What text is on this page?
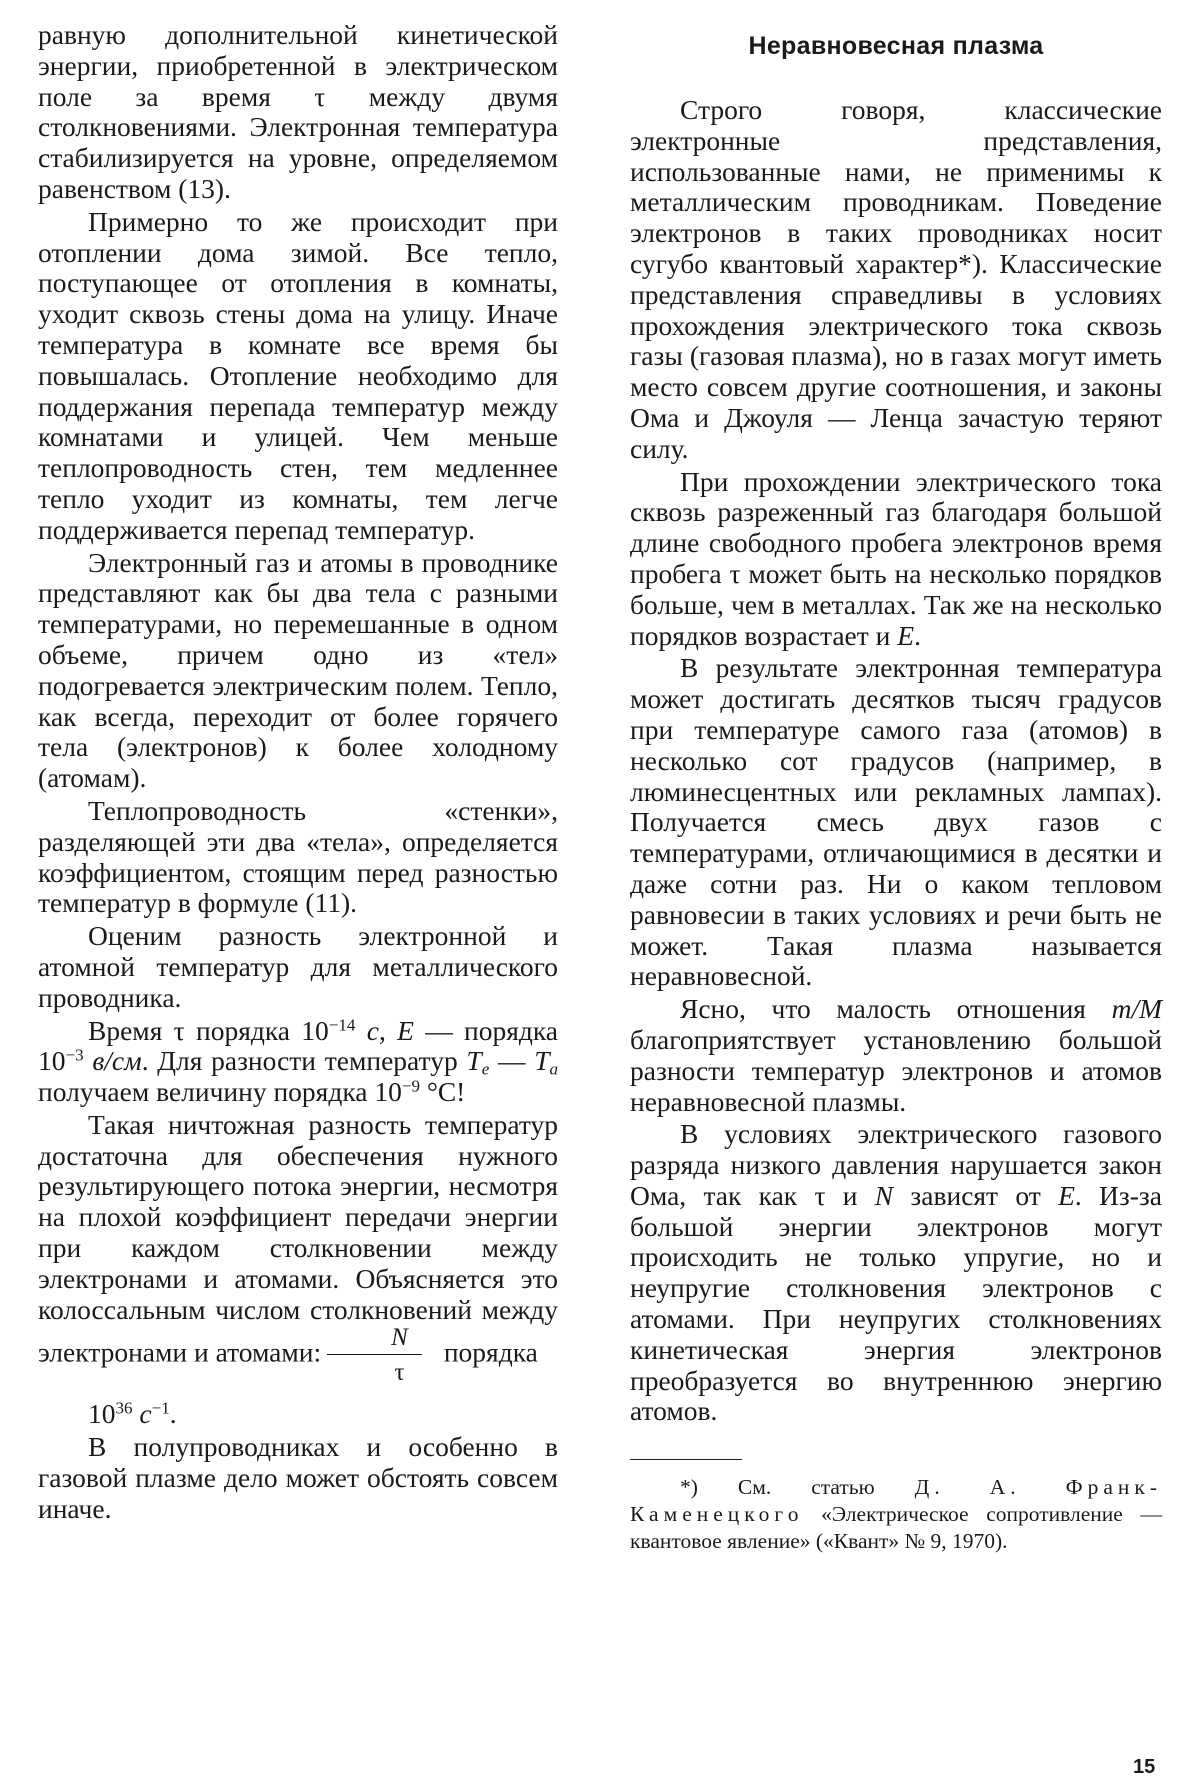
равную дополнительной кинетической энергии, приобретенной в электрическом поле за время τ между двумя столкновениями. Электронная температура стабилизируется на уровне, определяемом равенством (13).

Примерно то же происходит при отоплении дома зимой. Все тепло, поступающее от отопления в комнаты, уходит сквозь стены дома на улицу. Иначе температура в комнате все время бы повышалась. Отопление необходимо для поддержания перепада температур между комнатами и улицей. Чем меньше теплопроводность стен, тем медленнее тепло уходит из комнаты, тем легче поддерживается перепад температур.

Электронный газ и атомы в проводнике представляют как бы два тела с разными температурами, но перемешанные в одном объеме, причем одно из «тел» подогревается электрическим полем. Тепло, как всегда, переходит от более горячего тела (электронов) к более холодному (атомам).

Теплопроводность «стенки», разделяющей эти два «тела», определяется коэффициентом, стоящим перед разностью температур в формуле (11).

Оценим разность электронной и атомной температур для металлического проводника.

Время τ порядка $10^{-14}$ с, E — порядка $10^{-3}$ в/см. Для разности температур $T_e$ — $T_a$ получаем величину порядка $10^{-9}$ °C!

Такая ничтожная разность температур достаточна для обеспечения нужного результирующего потока энергии, несмотря на плохой коэффициент передачи энергии при каждом столкновении между электронами и атомами. Объясняется это колоссальным числом столкновений между электронами и атомами: $\frac{N}{\tau}$ порядка
$10^{36}$ $с^{-1}$.

В полупроводниках и особенно в газовой плазме дело может обстоять совсем иначе.

Неравновесная плазма

Строго говоря, классические электронные представления, использованные нами, не применимы к металлическим проводникам. Поведение электронов в таких проводниках носит сугубо квантовый характер*). Классические представления справедливы в условиях прохождения электрического тока сквозь газы (газовая плазма), но в газах могут иметь место совсем другие соотношения, и законы Ома и Джоуля — Ленца зачастую теряют силу.

При прохождении электрического тока сквозь разреженный газ благодаря большой длине свободного пробега электронов время пробега τ может быть на несколько порядков больше, чем в металлах. Так же на несколько порядков возрастает и E.

В результате электронная температура может достигать десятков тысяч градусов при температуре самого газа (атомов) в несколько сот градусов (например, в люминесцентных или рекламных лампах). Получается смесь двух газов с температурами, отличающимися в десятки и даже сотни раз. Ни о каком тепловом равновесии в таких условиях и речи быть не может. Такая плазма называется неравновесной.

Ясно, что малость отношения m/M благоприятствует установлению большой разности температур электронов и атомов неравновесной плазмы.

В условиях электрического газового разряда низкого давления нарушается закон Ома, так как τ и N зависят от E. Из-за большой энергии электронов могут происходить не только упругие, но и неупругие столкновения электронов с атомами. При неупругих столкновениях кинетическая энергия электронов преобразуется во внутреннюю энергию атомов.

*) См. статью Д. А. Франк-Каменецкого «Электрическое сопротивление — квантовое явление» («Квант» № 9, 1970).

15
